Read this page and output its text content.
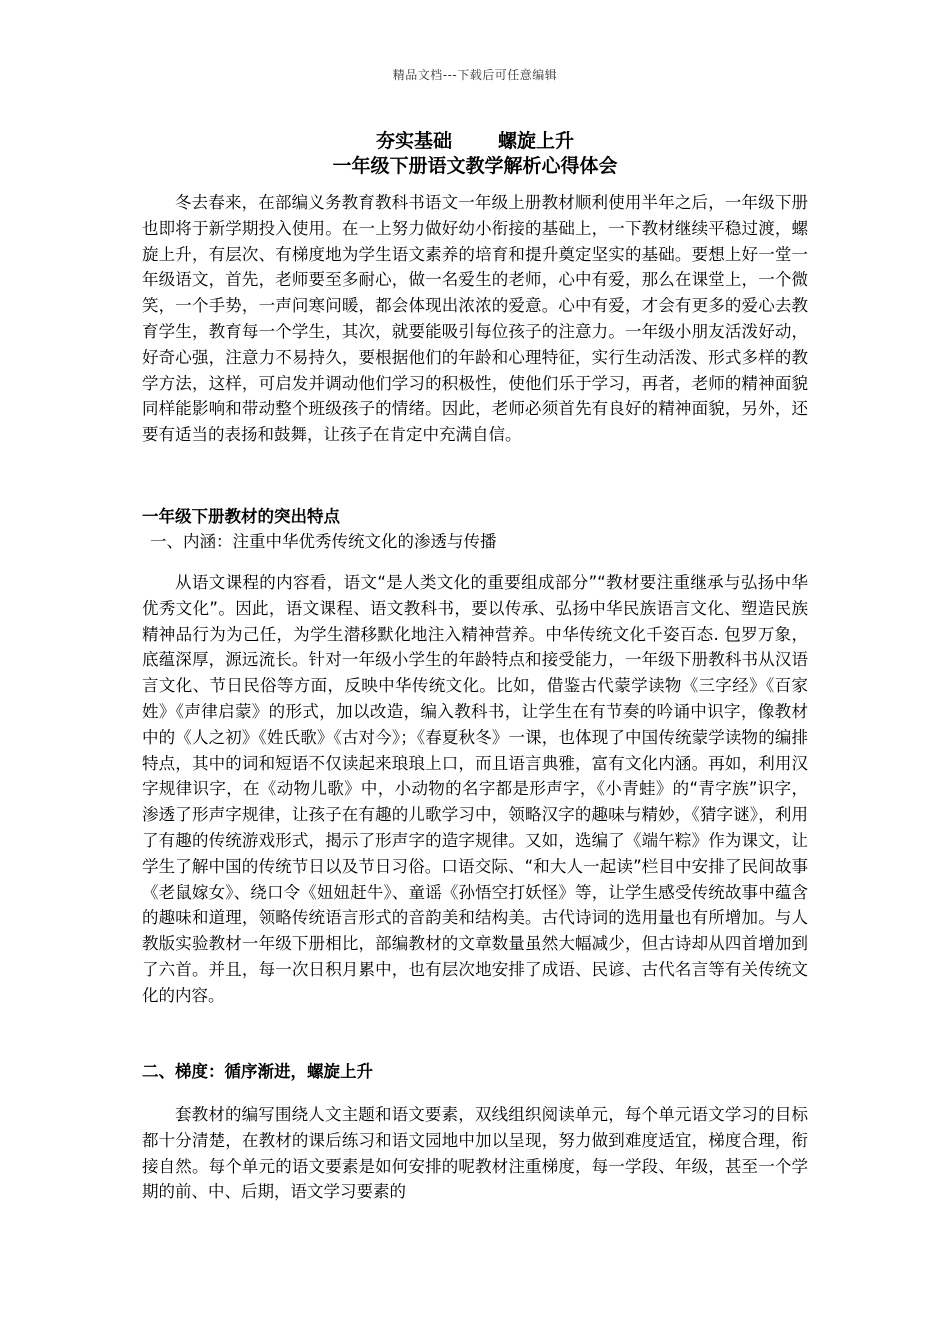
精品文档---下载后可任意编辑
夯实基础 螺旋上升
一年级下册语文教学解析心得体会

冬去春来，在部编义务教育教科书语文一年级上册教材顺利使用半年之后，一年级下册也即将于新学期投入使用。在一上努力做好幼小衔接的基础上，一下教材继续平稳过渡，螺旋上升，有层次、有梯度地为学生语文素养的培育和提升奠定坚实的基础。要想上好一堂一年级语文，首先，老师要至多耐心，做一名爱生的老师，心中有爱，那么在课堂上，一个微笑，一个手势，一声问寒问暖，都会体现出浓浓的爱意。心中有爱，才会有更多的爱心去教育学生，教育每一个学生，其次，就要能吸引每位孩子的注意力。一年级小朋友活泼好动，好奇心强，注意力不易持久，要根据他们的年龄和心理特征，实行生动活泼、形式多样的教学方法，这样，可启发并调动他们学习的积极性，使他们乐于学习，再者，老师的精神面貌同样能影响和带动整个班级孩子的情绪。因此，老师必须首先有良好的精神面貌，另外，还要有适当的表扬和鼓舞，让孩子在肯定中充满自信。

一年级下册教材的突出特点
一、内涵：注重中华优秀传统文化的渗透与传播

从语文课程的内容看，语文“是人类文化的重要组成部分”“教材要注重继承与弘扬中华优秀文化”。因此，语文课程、语文教科书，要以传承、弘扬中华民族语言文化、塑造民族精神品行为为己任，为学生潜移默化地注入精神营养。中华传统文化千姿百态. 包罗万象，底蕴深厚，源远流长。针对一年级小学生的年龄特点和接受能力，一年级下册教科书从汉语言文化、节日民俗等方面，反映中华传统文化。比如，借鉴古代蒙学读物《三字经》《百家姓》《声律启蒙》的形式，加以改造，编入教科书，让学生在有节奏的吟诵中识字，像教材中的《人之初》《姓氏歌》《古对今》；《春夏秋冬》一课，也体现了中国传统蒙学读物的编排特点，其中的词和短语不仅读起来琅琅上口，而且语言典雅，富有文化内涵。再如，利用汉字规律识字，在《动物儿歌》中，小动物的名字都是形声字，《小青蛙》的“青字族”识字，渗透了形声字规律，让孩子在有趣的儿歌学习中，领略汉字的趣味与精妙，《猜字谜》，利用了有趣的传统游戏形式，揭示了形声字的造字规律。又如，选编了《端午粽》作为课文，让学生了解中国的传统节日以及节日习俗。口语交际、“和大人一起读”栏目中安排了民间故事《老鼠嫁女》、绕口令《妞妞赶牛》、童谣《孙悟空打妖怪》等，让学生感受传统故事中蕴含的趣味和道理，领略传统语言形式的音韵美和结构美。古代诗词的选用量也有所增加。与人教版实验教材一年级下册相比，部编教材的文章数量虽然大幅减少，但古诗却从四首增加到了六首。并且，每一次日积月累中，也有层次地安排了成语、民谚、古代名言等有关传统文化的内容。

二、梯度：循序渐进，螺旋上升

套教材的编写围绕人文主题和语文要素，双线组织阅读单元，每个单元语文学习的目标都十分清楚，在教材的课后练习和语文园地中加以呈现，努力做到难度适宜，梯度合理，衔接自然。每个单元的语文要素是如何安排的呢教材注重梯度，每一学段、年级，甚至一个学期的前、中、后期，语文学习要素的
